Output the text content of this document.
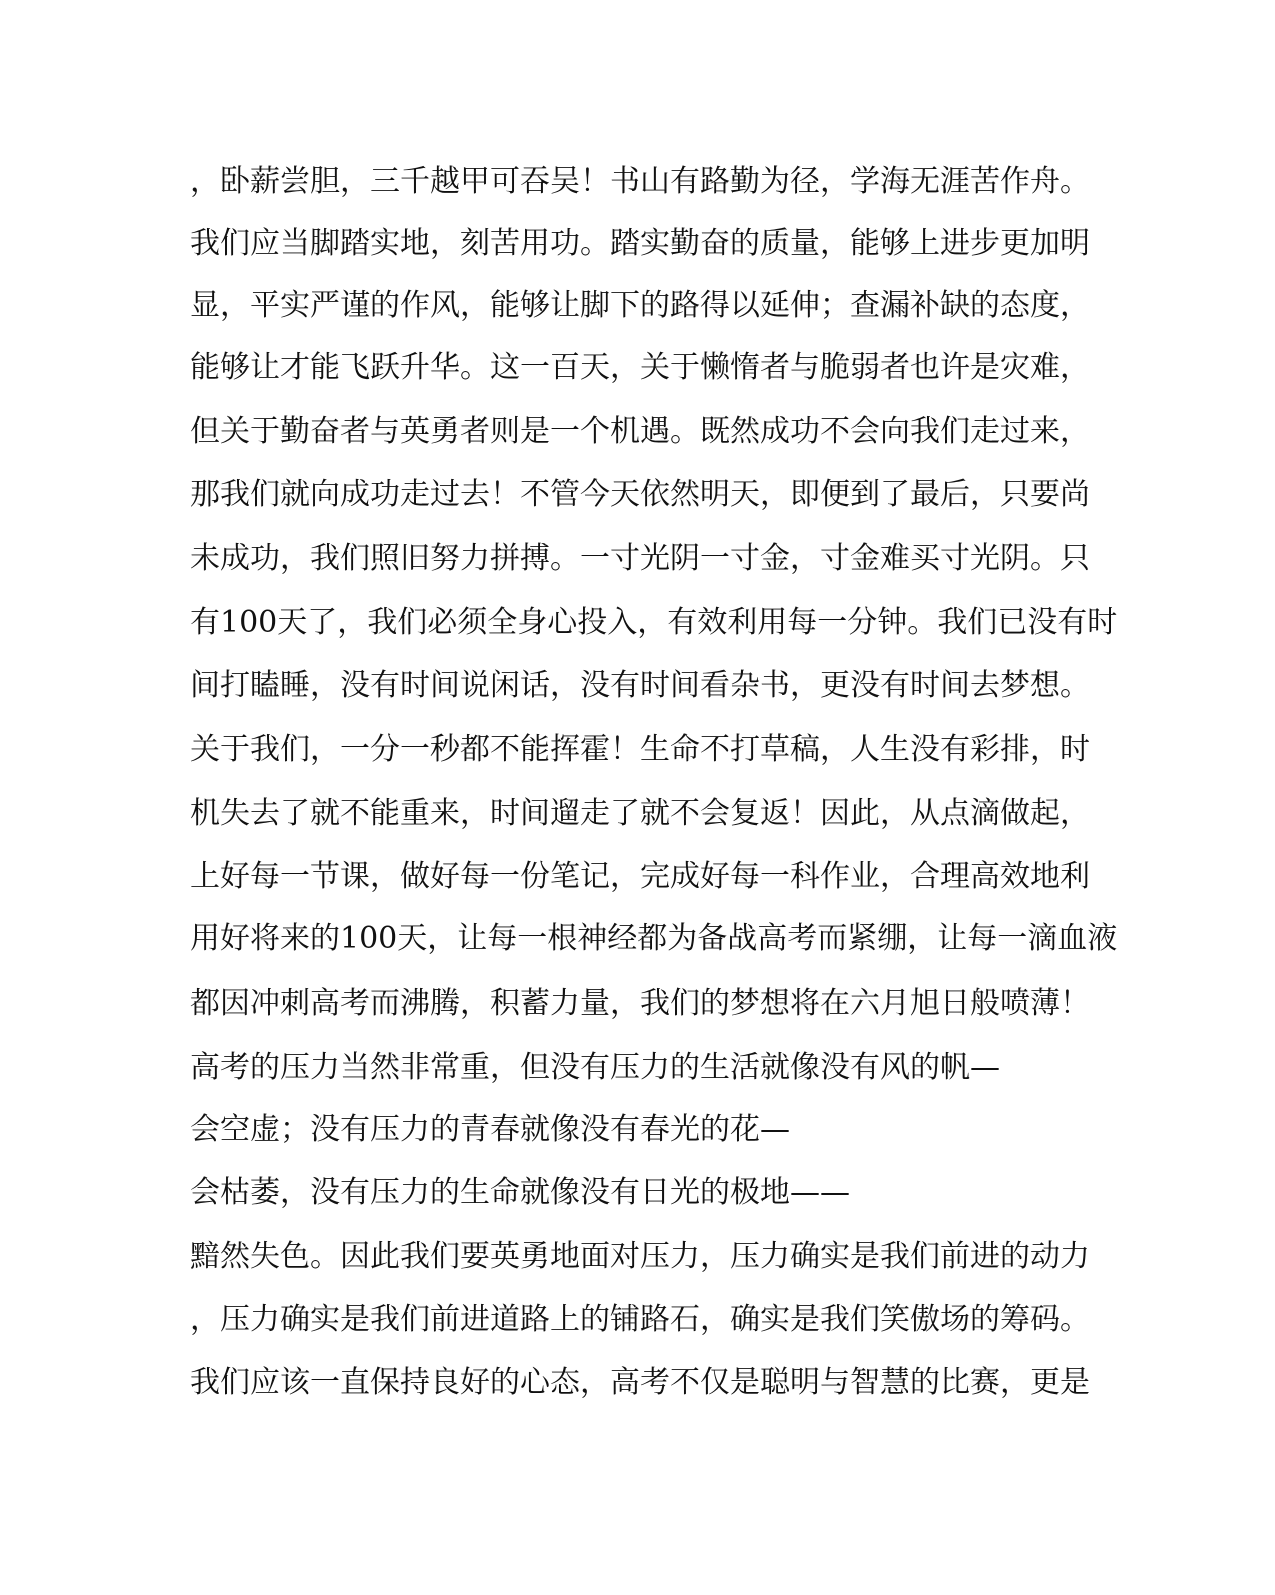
，卧薪尝胆，三千越甲可吞吴！书山有路勤为径，学海无涯苦作舟。

我们应当脚踏实地，刻苦用功。踏实勤奋的质量，能够上进步更加明

显，平实严谨的作风，能够让脚下的路得以延伸；查漏补缺的态度，

能够让才能飞跃升华。这一百天，关于懒惰者与脆弱者也许是灾难，

但关于勤奋者与英勇者则是一个机遇。既然成功不会向我们走过来，

那我们就向成功走过去！不管今天依然明天，即便到了最后，只要尚

未成功，我们照旧努力拼搏。一寸光阴一寸金，寸金难买寸光阴。只

有100天了，我们必须全身心投入，有效利用每一分钟。我们已没有时

间打瞌睡，没有时间说闲话，没有时间看杂书，更没有时间去梦想。

关于我们，一分一秒都不能挥霍！生命不打草稿，人生没有彩排，时

机失去了就不能重来，时间遛走了就不会复返！因此，从点滴做起，

上好每一节课，做好每一份笔记，完成好每一科作业，合理高效地利

用好将来的100天，让每一根神经都为备战高考而紧绷，让每一滴血液

都因冲刺高考而沸腾，积蓄力量，我们的梦想将在六月旭日般喷薄！

高考的压力当然非常重，但没有压力的生活就像没有风的帆—

会空虚；没有压力的青春就像没有春光的花—

会枯萎，没有压力的生命就像没有日光的极地——

黯然失色。因此我们要英勇地面对压力，压力确实是我们前进的动力

，压力确实是我们前进道路上的铺路石，确实是我们笑傲场的筹码。

我们应该一直保持良好的心态，高考不仅是聪明与智慧的比赛，更是
